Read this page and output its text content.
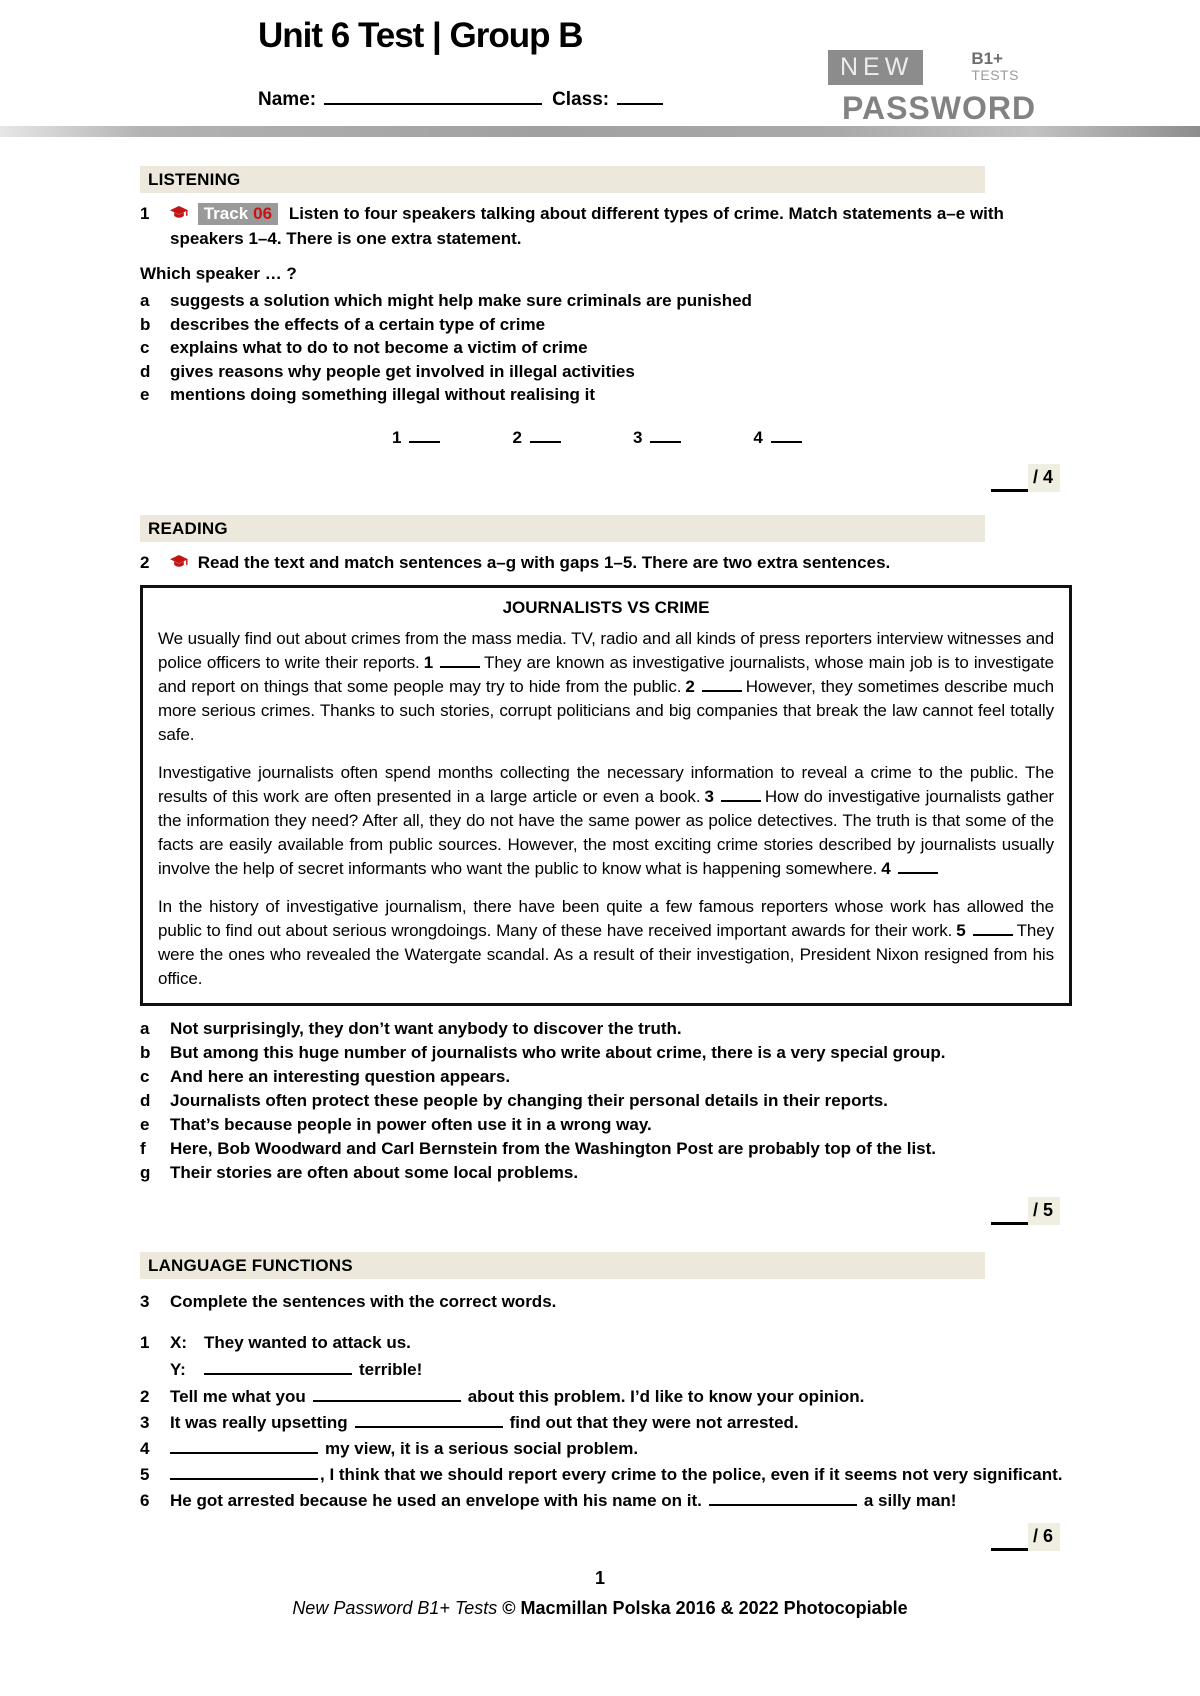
Unit 6 Test | Group B
Name:	Class:
NEW	B1+
TESTS
PASSWORD
LISTENING
1	Track 06 Listen to four speakers talking about different types of crime. Match statements a–e with speakers 1–4. There is one extra statement.
Which speaker … ?
a suggests a solution which might help make sure criminals are punished
b describes the effects of a certain type of crime
c explains what to do to not become a victim of crime
d gives reasons why people get involved in illegal activities
e mentions doing something illegal without realising it
1	2	3	4
/ 4
READING
2	Read the text and match sentences a–g with gaps 1–5. There are two extra sentences.
JOURNALISTS VS CRIME

We usually find out about crimes from the mass media. TV, radio and all kinds of press reporters interview witnesses and police officers to write their reports. 1	They are known as investigative journalists, whose main job is to investigate and report on things that some people may try to hide from the public. 2	However, they sometimes describe much more serious crimes. Thanks to such stories, corrupt politicians and big companies that break the law cannot feel totally safe.

Investigative journalists often spend months collecting the necessary information to reveal a crime to the public. The results of this work are often presented in a large article or even a book. 3	How do investigative journalists gather the information they need? After all, they do not have the same power as police detectives. The truth is that some of the facts are easily available from public sources. However, the most exciting crime stories described by journalists usually involve the help of secret informants who want the public to know what is happening somewhere. 4

In the history of investigative journalism, there have been quite a few famous reporters whose work has allowed the public to find out about serious wrongdoings. Many of these have received important awards for their work. 5	They were the ones who revealed the Watergate scandal. As a result of their investigation, President Nixon resigned from his office.

a Not surprisingly, they don’t want anybody to discover the truth.
b But among this huge number of journalists who write about crime, there is a very special group.
c And here an interesting question appears.
d Journalists often protect these people by changing their personal details in their reports.
e That’s because people in power often use it in a wrong way.
f Here, Bob Woodward and Carl Bernstein from the Washington Post are probably top of the list.
g Their stories are often about some local problems.
/ 5
LANGUAGE FUNCTIONS
3 Complete the sentences with the correct words.
1 X: They wanted to attack us.
Y:	terrible!
2 Tell me what you	about this problem. I’d like to know your opinion.
3 It was really upsetting	find out that they were not arrested.
4	my view, it is a serious social problem.
5	, I think that we should report every crime to the police, even if it seems not very significant.
6 He got arrested because he used an envelope with his name on it.	a silly man!
/ 6
1
New Password B1+ Tests © Macmillan Polska 2016 & 2022 Photocopiable
